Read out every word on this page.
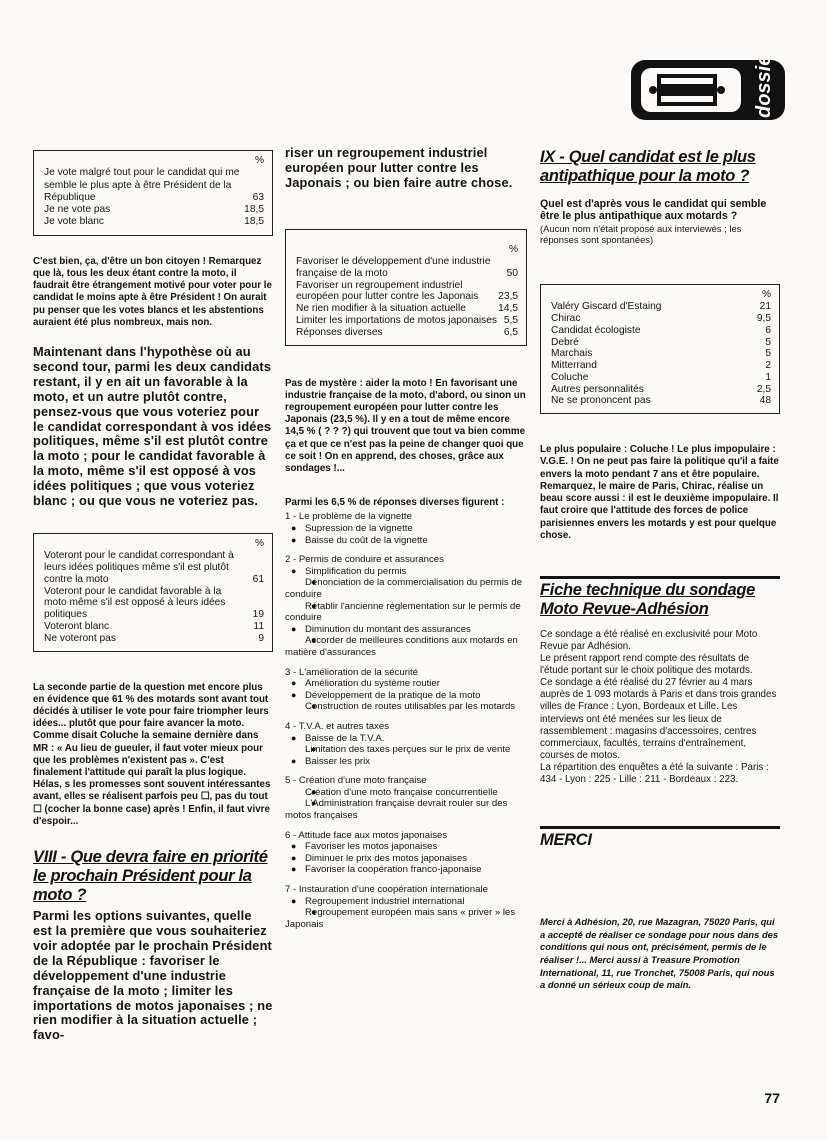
dossier
%
Je vote malgré tout pour le candidat qui me semble le plus apte à être Président de la République	63
Je ne vote pas	18,5
Je vote blanc	18,5

C'est bien, ça, d'être un bon citoyen ! Remarquez que là, tous les deux étant contre la moto, il faudrait être étrangement motivé pour voter pour le candidat le moins apte à être Président ! On aurait pu penser que les votes blancs et les abstentions auraient été plus nombreux, mais non.

Maintenant dans l'hypothèse où au second tour, parmi les deux candidats restant, il y en ait un favorable à la moto, et un autre plutôt contre, pensez-vous que vous voteriez pour le candidat correspondant à vos idées politiques, même s'il est plutôt contre la moto ; pour le candidat favorable à la moto, même s'il est opposé à vos idées politiques ; que vous voteriez blanc ; ou que vous ne voteriez pas.

%
Voteront pour le candidat correspondant à leurs idées politiques même s'il est plutôt contre la moto	61
Voteront pour le candidat favorable à la moto même s'il est opposé à leurs idées politiques	19
Voteront blanc	11
Ne voteront pas	9

La seconde partie de la question met encore plus en évidence que 61 % des motards sont avant tout décidés à utiliser le vote pour faire triompher leurs idées... plutôt que pour faire avancer la moto. Comme disait Coluche la semaine dernière dans MR : « Au lieu de gueuler, il faut voter mieux pour que les problèmes n'existent pas ». C'est finalement l'attitude qui paraît la plus logique. Hélas, s les promesses sont souvent intéressantes avant, elles se réalisent parfois peu ☐, pas du tout ☐ (cocher la bonne case) après ! Enfin, il faut vivre d'espoir...

VIII - Que devra faire en priorité le prochain Président pour la moto ?

Parmi les options suivantes, quelle est la première que vous souhaiteriez voir adoptée par le prochain Président de la République : favoriser le développement d'une industrie française de la moto ; limiter les importations de motos japonaises ; ne rien modifier à la situation actuelle ; favo-

riser un regroupement industriel européen pour lutter contre les Japonais ; ou bien faire autre chose.

%
Favoriser le développement d'une industrie française de la moto	50
Favoriser un regroupement industriel européen pour lutter contre les Japonais	23,5
Ne rien modifier à la situation actuelle	14,5
Limiter les importations de motos japonaises 5,5
Réponses diverses	6,5

Pas de mystère : aider la moto ! En favorisant une industrie française de la moto, d'abord, ou sinon un regroupement européen pour lutter contre les Japonais (23,5 %). Il y en a tout de même encore 14,5 % ( ? ? ?) qui trouvent que tout va bien comme ça et que ce n'est pas la peine de changer quoi que ce soit ! On en apprend, des choses, grâce aux sondages !...

Parmi les 6,5 % de réponses diverses figurent :

1 - Le problème de la vignette
● Supression de la vignette
● Baisse du coût de la vignette
2 - Permis de conduire et assurances
● Simplification du permis
● Dénonciation de la commercialisation du permis de conduire
● Rétablir l'ancienne réglementation sur le permis de conduire
● Diminution du montant des assurances
● Accorder de meilleures conditions aux motards en matière d'assurances
3 - L'amélioration de la sécurité
● Amélioration du système routier
● Développement de la pratique de la moto
● Construction de routes utilisables par les motards
4 - T.V.A. et autres taxes
● Baisse de la T.V.A.
● Limitation des taxes perçues sur le prix de vente
● Baisser les prix
5 - Création d'une moto française
● Création d'une moto française concurrentielle
● L'Administration française devrait rouler sur des motos françaises
6 - Attitude face aux motos japonaises
● Favoriser les motos japonaises
● Diminuer le prix des motos japonaises
● Favoriser la coopération franco-japonaise
7 - Instauration d'une coopération internationale
● Regroupement industriel international
● Regroupement européen mais sans « priver » les Japonais

IX - Quel candidat est le plus antipathique pour la moto ?

Quel est d'après vous le candidat qui semble être le plus antipathique aux motards ?

(Aucun nom n'était proposé aux interviewés ; les réponses sont spontanées)

%
Valéry Giscard d'Estaing	21
Chirac	9,5
Candidat écologiste	6
Debré	5
Marchais	5
Mitterrand	2
Coluche	1
Autres personnalités	2,5
Ne se prononcent pas	48

Le plus populaire : Coluche ! Le plus impopulaire : V.G.E. ! On ne peut pas faire la politique qu'il a faite envers la moto pendant 7 ans et être populaire. Remarquez, le maire de Paris, Chirac, réalise un beau score aussi : il est le deuxième impopulaire. Il faut croire que l'attitude des forces de police parisiennes envers les motards y est pour quelque chose.

Fiche technique du sondage Moto Revue-Adhésion

Ce sondage a été réalisé en exclusivité pour Moto Revue par Adhésion.

Le présent rapport rend compte des résultats de l'étude portant sur le choix politique des motards.

Ce sondage a été réalisé du 27 février au 4 mars auprès de 1 093 motards à Paris et dans trois grandes villes de France : Lyon, Bordeaux et Lille. Les interviews ont été menées sur les lieux de rassemblement : magasins d'accessoires, centres commerciaux, facultés, terrains d'entraînement, courses de motos.

La répartition des enquêtes a été la suivante : Paris : 434 - Lyon : 225 - Lille : 211 - Bordeaux : 223.

MERCI

Merci à Adhésion, 20, rue Mazagran, 75020 Paris, qui a accepté de réaliser ce sondage pour nous dans des conditions qui nous ont, précisément, permis de le réaliser !... Merci aussi à Treasure Promotion International, 11, rue Tronchet, 75008 Paris, qui nous a donné un sérieux coup de main.

77
